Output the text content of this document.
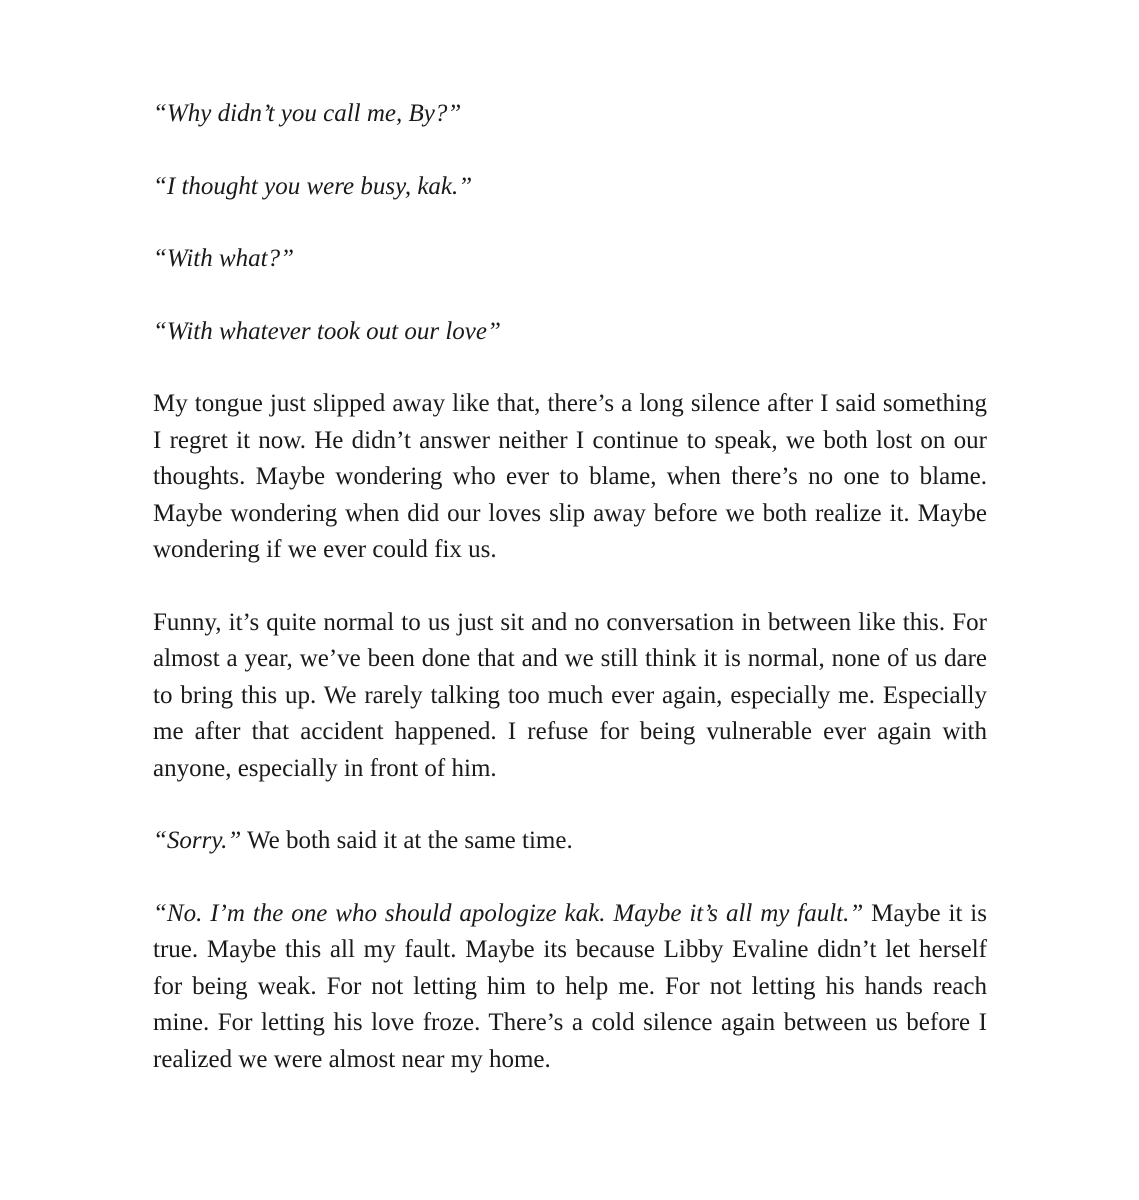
“Why didn’t you call me, By?”

“I thought you were busy, kak.”

“With what?”

“With whatever took out our love”

My tongue just slipped away like that, there’s a long silence after I said something I regret it now. He didn’t answer neither I continue to speak, we both lost on our thoughts. Maybe wondering who ever to blame, when there’s no one to blame. Maybe wondering when did our loves slip away before we both realize it. Maybe wondering if we ever could fix us.

Funny, it’s quite normal to us just sit and no conversation in between like this. For almost a year, we’ve been done that and we still think it is normal, none of us dare to bring this up. We rarely talking too much ever again, especially me. Especially me after that accident happened. I refuse for being vulnerable ever again with anyone, especially in front of him.

“Sorry.” We both said it at the same time.

“No. I’m the one who should apologize kak. Maybe it’s all my fault.” Maybe it is true. Maybe this all my fault. Maybe its because Libby Evaline didn’t let herself for being weak. For not letting him to help me. For not letting his hands reach mine. For letting his love froze. There’s a cold silence again between us before I realized we were almost near my home.
